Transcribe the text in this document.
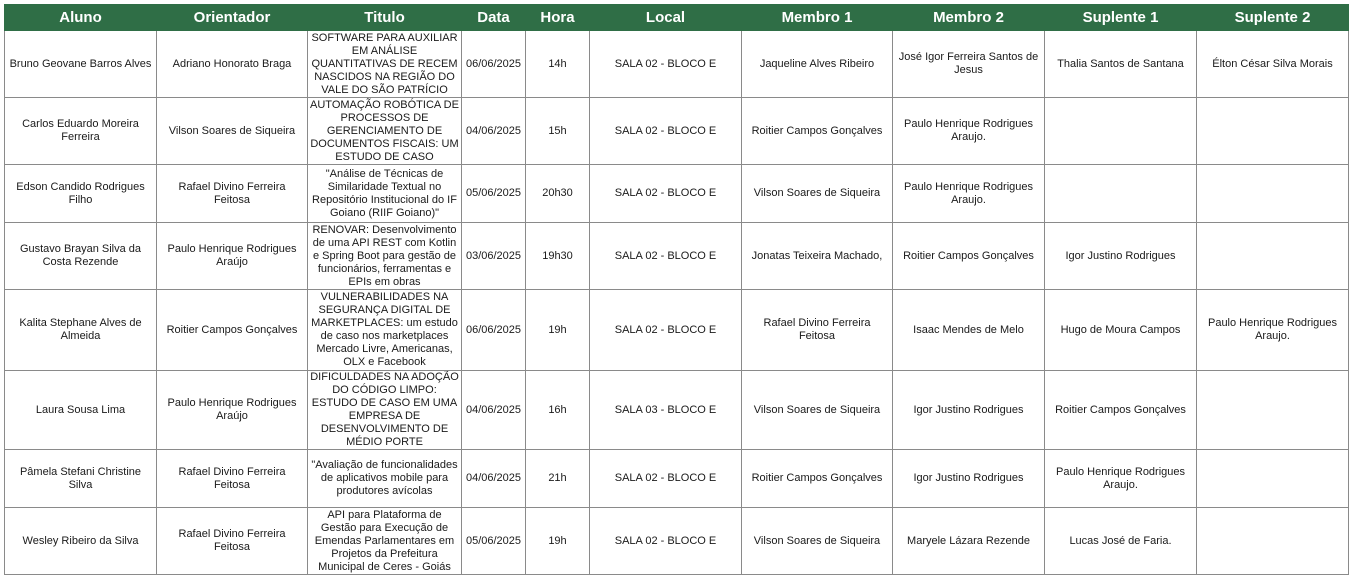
Aluno	Orientador	Titulo	Data	Hora	Local	Membro 1	Membro 2	Suplente 1	Suplente 2
Bruno Geovane Barros Alves	Adriano Honorato Braga	SOFTWARE PARA AUXILIAR EM ANÁLISE QUANTITATIVAS DE RECEM NASCIDOS NA REGIÃO DO VALE DO SÃO PATRÍCIO	06/06/2025	14h	SALA 02 - BLOCO E	Jaqueline Alves Ribeiro	José Igor Ferreira Santos de Jesus	Thalia Santos de Santana	Élton César Silva Morais
Carlos Eduardo Moreira Ferreira	Vilson Soares de Siqueira	AUTOMAÇÃO ROBÓTICA DE PROCESSOS DE GERENCIAMENTO DE DOCUMENTOS FISCAIS: UM ESTUDO DE CASO	04/06/2025	15h	SALA 02 - BLOCO E	Roitier Campos Gonçalves	Paulo Henrique Rodrigues Araujo.		
Edson Candido Rodrigues Filho	Rafael Divino Ferreira Feitosa	"Análise de Técnicas de Similaridade Textual no Repositório Institucional do IF Goiano (RIIF Goiano)"	05/06/2025	20h30	SALA 02 - BLOCO E	Vilson Soares de Siqueira	Paulo Henrique Rodrigues Araujo.		
Gustavo Brayan Silva da Costa Rezende	Paulo Henrique Rodrigues Araújo	RENOVAR: Desenvolvimento de uma API REST com Kotlin e Spring Boot para gestão de funcionários, ferramentas e EPIs em obras	03/06/2025	19h30	SALA 02 - BLOCO E	Jonatas Teixeira Machado,	Roitier Campos Gonçalves	Igor Justino Rodrigues	
Kalita Stephane Alves de Almeida	Roitier Campos Gonçalves	VULNERABILIDADES NA SEGURANÇA DIGITAL DE MARKETPLACES: um estudo de caso nos marketplaces Mercado Livre, Americanas, OLX e Facebook	06/06/2025	19h	SALA 02 - BLOCO E	Rafael Divino Ferreira Feitosa	Isaac Mendes de Melo	Hugo de Moura Campos	Paulo Henrique Rodrigues Araujo.
Laura Sousa Lima	Paulo Henrique Rodrigues Araújo	DIFICULDADES NA ADOÇÃO DO CÓDIGO LIMPO: ESTUDO DE CASO EM UMA EMPRESA DE DESENVOLVIMENTO DE MÉDIO PORTE	04/06/2025	16h	SALA 03 - BLOCO E	Vilson Soares de Siqueira	Igor Justino Rodrigues	Roitier Campos Gonçalves	
Pâmela Stefani Christine Silva	Rafael Divino Ferreira Feitosa	"Avaliação de funcionalidades de aplicativos mobile para produtores avícolas	04/06/2025	21h	SALA 02 - BLOCO E	Roitier Campos Gonçalves	Igor Justino Rodrigues	Paulo Henrique Rodrigues Araujo.	
Wesley Ribeiro da Silva	Rafael Divino Ferreira Feitosa	API para Plataforma de Gestão para Execução de Emendas Parlamentares em Projetos da Prefeitura Municipal de Ceres - Goiás	05/06/2025	19h	SALA 02 - BLOCO E	Vilson Soares de Siqueira	Maryele Lázara Rezende	Lucas José de Faria.	
